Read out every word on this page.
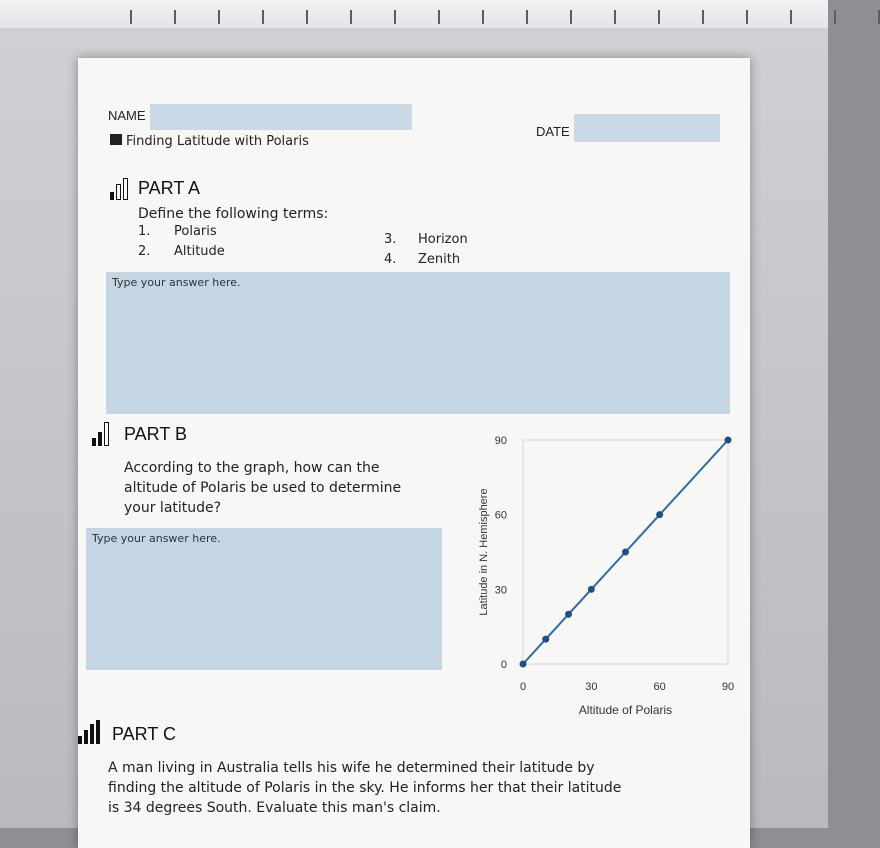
NAME
DATE
Finding Latitude with Polaris
PART A
Define the following terms:
1. Polaris
2. Altitude
3. Horizon
4. Zenith
Type your answer here.
PART B
According to the graph, how can the
altitude of Polaris be used to determine
your latitude?
Type your answer here.
0	30	60	90
0
30
60
90
Altitude of Polaris
Latitude in N. Hemisphere
PART C
A man living in Australia tells his wife he determined their latitude by
finding the altitude of Polaris in the sky. He informs her that their latitude
is 34 degrees South. Evaluate this man's claim.
